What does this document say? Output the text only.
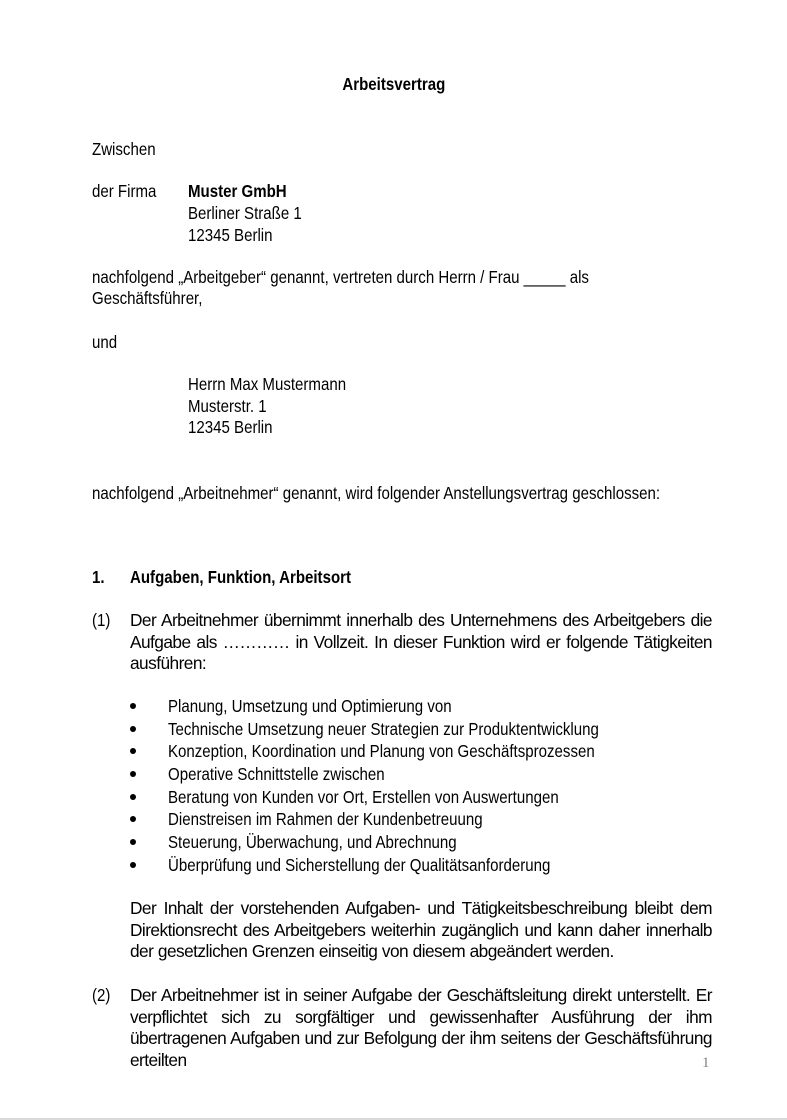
Arbeitsvertrag
Zwischen
der Firma	Muster GmbH
Berliner Straße 1
12345 Berlin
nachfolgend „Arbeitgeber“ genannt, vertreten durch Herrn / Frau _____ als
Geschäftsführer,
und
Herrn Max Mustermann
Musterstr. 1
12345 Berlin
nachfolgend „Arbeitnehmer“ genannt, wird folgender Anstellungsvertrag geschlossen:
1. Aufgaben, Funktion, Arbeitsort
(1) Der Arbeitnehmer übernimmt innerhalb des Unternehmens des Arbeitgebers die Aufgabe als ………… in Vollzeit. In dieser Funktion wird er folgende Tätigkeiten ausführen:
Planung, Umsetzung und Optimierung von
Technische Umsetzung neuer Strategien zur Produktentwicklung
Konzeption, Koordination und Planung von Geschäftsprozessen
Operative Schnittstelle zwischen
Beratung von Kunden vor Ort, Erstellen von Auswertungen
Dienstreisen im Rahmen der Kundenbetreuung
Steuerung, Überwachung, und Abrechnung
Überprüfung und Sicherstellung der Qualitätsanforderung
Der Inhalt der vorstehenden Aufgaben- und Tätigkeitsbeschreibung bleibt dem Direktionsrecht des Arbeitgebers weiterhin zugänglich und kann daher innerhalb der gesetzlichen Grenzen einseitig von diesem abgeändert werden.
(2) Der Arbeitnehmer ist in seiner Aufgabe der Geschäftsleitung direkt unterstellt. Er verpflichtet sich zu sorgfältiger und gewissenhafter Ausführung der ihm übertragenen Aufgaben und zur Befolgung der ihm seitens der Geschäftsführung erteilten	1
